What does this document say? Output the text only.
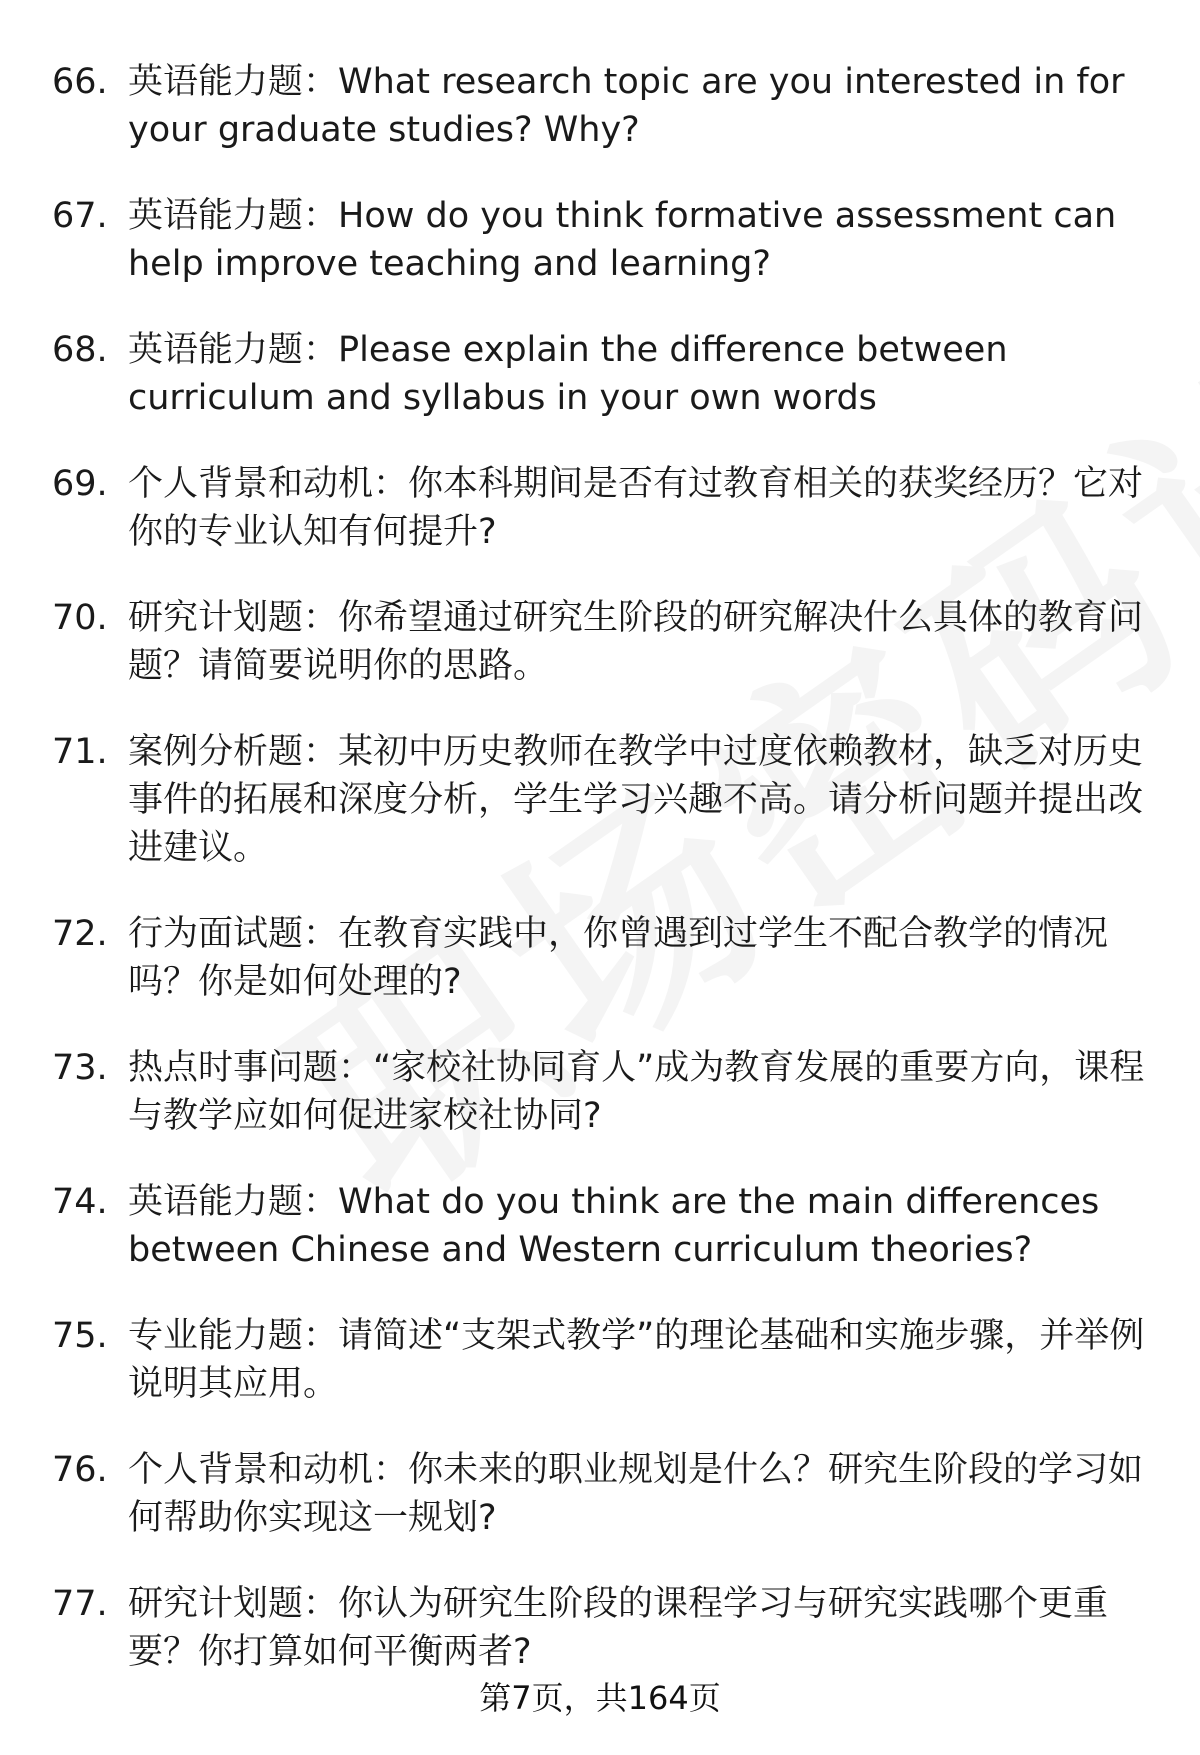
66. 英语能力题：What research topic are you interested in for your graduate studies? Why?
67. 英语能力题：How do you think formative assessment can help improve teaching and learning?
68. 英语能力题：Please explain the difference between curriculum and syllabus in your own words
69. 个人背景和动机：你本科期间是否有过教育相关的获奖经历？它对你的专业认知有何提升?
70. 研究计划题：你希望通过研究生阶段的研究解决什么具体的教育问题？请简要说明你的思路。
71. 案例分析题：某初中历史教师在教学中过度依赖教材，缺乏对历史事件的拓展和深度分析，学生学习兴趣不高。请分析问题并提出改进建议。
72. 行为面试题：在教育实践中，你曾遇到过学生不配合教学的情况吗？你是如何处理的?
73. 热点时事问题：“家校社协同育人”成为教育发展的重要方向，课程与教学应如何促进家校社协同?
74. 英语能力题：What do you think are the main differences between Chinese and Western curriculum theories?
75. 专业能力题：请简述“支架式教学”的理论基础和实施步骤，并举例说明其应用。
76. 个人背景和动机：你未来的职业规划是什么？研究生阶段的学习如何帮助你实现这一规划?
77. 研究计划题：你认为研究生阶段的课程学习与研究实践哪个更重要？你打算如何平衡两者?
第7页，共164页
